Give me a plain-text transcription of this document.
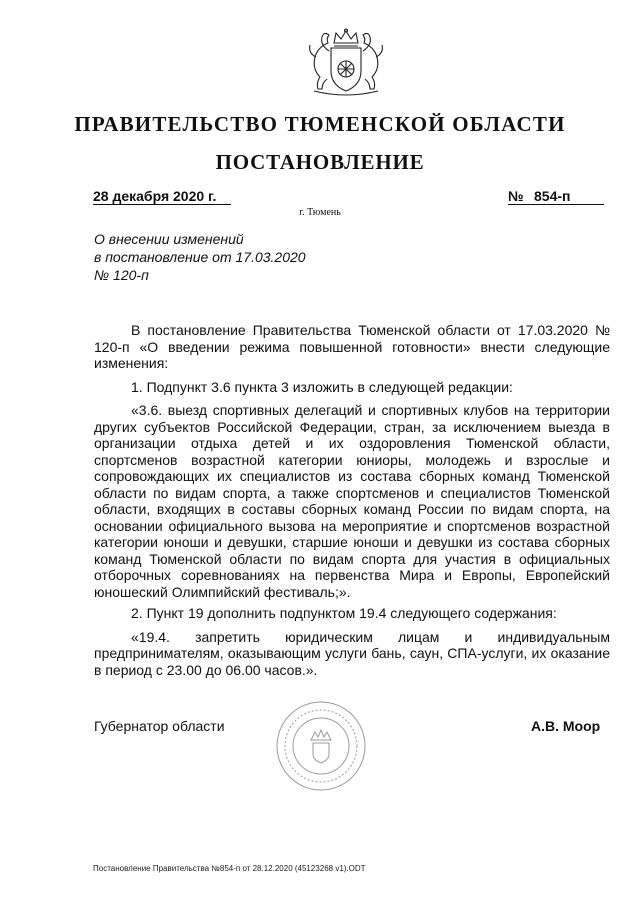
ПРАВИТЕЛЬСТВО ТЮМЕНСКОЙ ОБЛАСТИ
ПОСТАНОВЛЕНИЕ
28 декабря 2020 г.	№ 854-п
г. Тюмень
О внесении изменений
в постановление от 17.03.2020
№ 120-п

В постановление Правительства Тюменской области от 17.03.2020 № 120-п «О введении режима повышенной готовности» внести следующие изменения:

1. Подпункт 3.6 пункта 3 изложить в следующей редакции:

«3.6. выезд спортивных делегаций и спортивных клубов на территории других субъектов Российской Федерации, стран, за исключением выезда в организации отдыха детей и их оздоровления Тюменской области, спортсменов возрастной категории юниоры, молодежь и взрослые и сопровождающих их специалистов из состава сборных команд Тюменской области по видам спорта, а также спортсменов и специалистов Тюменской области, входящих в составы сборных команд России по видам спорта, на основании официального вызова на мероприятие и спортсменов возрастной категории юноши и девушки, старшие юноши и девушки из состава сборных команд Тюменской области по видам спорта для участия в официальных отборочных соревнованиях на первенства Мира и Европы, Европейский юношеский Олимпийский фестиваль;».

2. Пункт 19 дополнить подпунктом 19.4 следующего содержания:

«19.4. запретить юридическим лицам и индивидуальным предпринимателям, оказывающим услуги бань, саун, СПА-услуги, их оказание в период с 23.00 до 06.00 часов.».

Губернатор области	А.В. Моор
Постановление Правительства №854-п от 28.12.2020 (45123268 v1).ODT
